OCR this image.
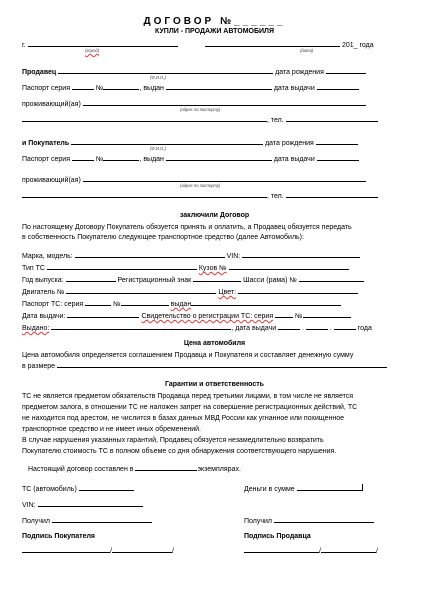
ДОГОВОР №______
КУПЛИ - ПРОДАЖИ АВТОМОБИЛЯ
г.	201_ года
(город)	(дата)
Продавец	дата рождения
(Ф.И.О.)
Паспорт серия	№	, выдан	дата выдачи
проживающий(ая)
(адрес по паспорту)
, тел.
и Покупатель	дата рождения
(Ф.И.О.)
Паспорт серия	№	, выдан	дата выдачи
проживающий(ая)
(адрес по паспорту)
, тел.
заключили Договор
По настоящему Договору Покупатель обязуется принять и оплатить, а Продавец обязуется передать
в собственность Покупателю следующее транспортное средство (далее Автомобиль):
Марка, модель:	VIN:
Тип ТС	Кузов №
Год выпуска:	Регистрационный знак	Шасси (рама) №
Двигатель №	Цвет:
Паспорт ТС: серия	№	выдан
Дата выдачи:	Свидетельство о регистрации ТС: серия	№
Выдано:	, дата выдачи	.	.	года
Цена автомобиля
Цена автомобиля определяется соглашением Продавца и Покупателя и составляет денежную сумму
в размере
Гарантии и ответственность
ТС не является предметом обязательств Продавца перед третьими лицами, в том числе не является
предметом залога, в отношении ТС не наложен запрет на совершение регистрационных действий, ТС
не находится под арестом, не числится в базах данных МВД России как угнанное или похищенное
транспортное средство и не имеет иных обременений.
В случае нарушения указанных гарантий, Продавец обязуется незамедлительно возвратить
Покупателю стоимость ТС в полном объеме со дня обнаружения соответствующего нарушения.
Настоящий договор составлен в	экземплярах.
ТС (автомобиль)	Деньги в сумме
VIN:
Получил	Получил
Подпись Покупателя	Подпись Продавца
/	/	/	/
